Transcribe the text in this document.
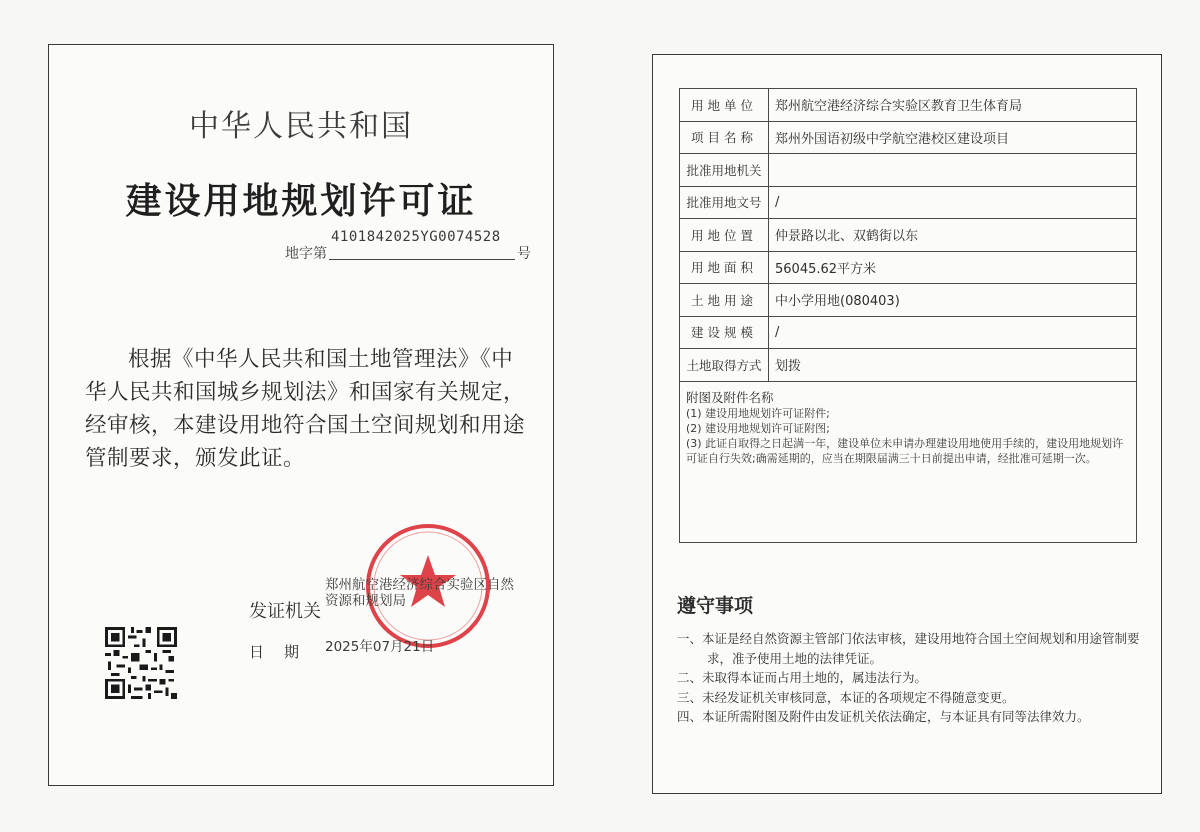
中华人民共和国
建设用地规划许可证
地字第
4101842025YG0074528
号
根据《中华人民共和国土地管理法》《中华人民共和国城乡规划法》和国家有关规定，经审核，本建设用地符合国土空间规划和用途管制要求，颁发此证。
发证机关
郑州航空港经济综合实验区自然资源和规划局
日期 2025年07月21日
用地单位	郑州航空港经济综合实验区教育卫生体育局
项目名称	郑州外国语初级中学航空港校区建设项目
批准用地机关	
批准用地文号	/
用地位置	仲景路以北、双鹤街以东
用地面积	56045.62平方米
土地用途	中小学用地(080403)
建设规模	/
土地取得方式	划拨

附图及附件名称
(1) 建设用地规划许可证附件;
(2) 建设用地规划许可证附图;
(3) 此证自取得之日起满一年，建设单位未申请办理建设用地使用手续的，建设用地规划许可证自行失效;确需延期的，应当在期限届满三十日前提出申请，经批准可延期一次。	
遵守事项
一、本证是经自然资源主管部门依法审核，建设用地符合国土空间规划和用途管制要求，准予使用土地的法律凭证。
二、未取得本证而占用土地的，属违法行为。
三、未经发证机关审核同意，本证的各项规定不得随意变更。
四、本证所需附图及附件由发证机关依法确定，与本证具有同等法律效力。
